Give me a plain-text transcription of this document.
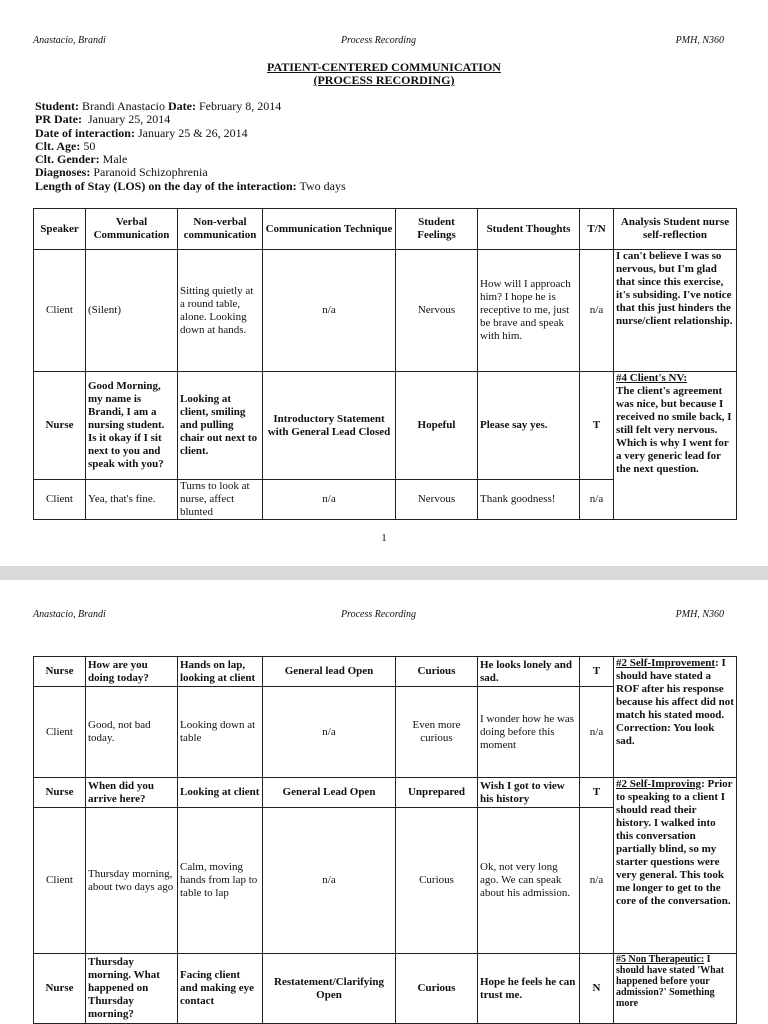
Anastacio, Brandi	Process Recording	PMH, N360
PATIENT-CENTERED COMMUNICATION
(PROCESS RECORDING)
Student: Brandi Anastacio Date: February 8, 2014
PR Date: January 25, 2014
Date of interaction: January 25 & 26, 2014
Clt. Age: 50
Clt. Gender: Male
Diagnoses: Paranoid Schizophrenia
Length of Stay (LOS) on the day of the interaction: Two days
Speaker	Verbal Communication	Non-verbal communication	Communication Technique	Student Feelings	Student Thoughts	T/N	Analysis Student nurse self-reflection
Client	(Silent)	Sitting quietly at a round table, alone. Looking down at hands.	n/a	Nervous	How will I approach him? I hope he is receptive to me, just be brave and speak with him.	n/a	I can't believe I was so nervous, but I'm glad that since this exercise, it's subsiding. I've notice that this just hinders the nurse/client relationship.
Nurse	Good Morning, my name is Brandi, I am a nursing student. Is it okay if I sit next to you and speak with you?	Looking at client, smiling and pulling chair out next to client.	Introductory Statement with General Lead Closed	Hopeful	Please say yes.	T	#4 Client's NV:
The client's agreement was nice, but because I received no smile back, I still felt very nervous. Which is why I went for a very generic lead for the next question.
Client	Yea, that's fine.	Turns to look at nurse, affect blunted	n/a	Nervous	Thank goodness!	n/a	
1
Anastacio, Brandi	Process Recording	PMH, N360
Nurse	How are you doing today?	Hands on lap, looking at client	General lead Open	Curious	He looks lonely and sad.	T	#2 Self-Improvement: I should have stated a ROF after his response because his affect did not match his stated mood. Correction: You look sad.
Client	Good, not bad today.	Looking down at table	n/a	Even more curious	I wonder how he was doing before this moment	n/a	
Nurse	When did you arrive here?	Looking at client	General Lead Open	Unprepared	Wish I got to view his history	T	#2 Self-Improving: Prior to speaking to a client I should read their history. I walked into this conversation partially blind, so my starter questions were very general. This took me longer to get to the core of the conversation.
Client	Thursday morning, about two days ago	Calm, moving hands from lap to table to lap	n/a	Curious	Ok, not very long ago. We can speak about his admission.	n/a	
Nurse	Thursday morning. What happened on Thursday morning?	Facing client and making eye contact	Restatement/Clarifying Open	Curious	Hope he feels he can trust me.	N	#5 Non Therapeutic: I should have stated 'What happened before your admission?' Something more
